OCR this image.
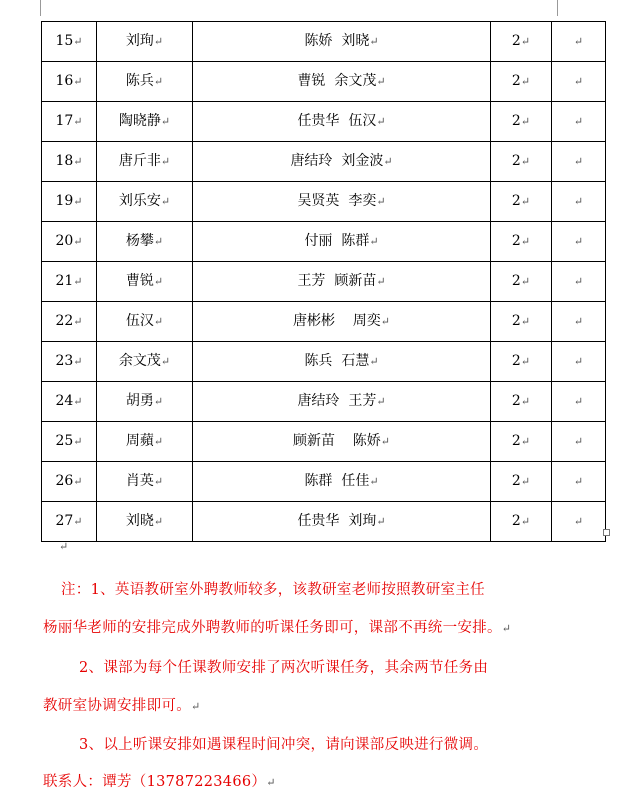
15↵	刘珣↵	陈娇  刘晓↵	2↵	↵
16↵	陈兵↵	曹锐  余文茂↵	2↵	↵
17↵	陶晓静↵	任贵华  伍汉↵	2↵	↵
18↵	唐斤非↵	唐结玲  刘金波↵	2↵	↵
19↵	刘乐安↵	吴贤英  李奕↵	2↵	↵
20↵	杨攀↵	付丽  陈群↵	2↵	↵
21↵	曹锐↵	王芳  顾新苗↵	2↵	↵
22↵	伍汉↵	唐彬彬    周奕↵	2↵	↵
23↵	余文茂↵	陈兵  石慧↵	2↵	↵
24↵	胡勇↵	唐结玲  王芳↵	2↵	↵
25↵	周蘋↵	顾新苗    陈娇↵	2↵	↵
26↵	肖英↵	陈群  任佳↵	2↵	↵
27↵	刘晓↵	任贵华  刘珣↵	2↵	↵
↵
注：1、英语教研室外聘教师较多，该教研室老师按照教研室主任
杨丽华老师的安排完成外聘教师的听课任务即可，课部不再统一安排。↵
2、课部为每个任课教师安排了两次听课任务，其余两节任务由
教研室协调安排即可。↵
3、以上听课安排如遇课程时间冲突，请向课部反映进行微调。
联系人：谭芳（13787223466）↵
